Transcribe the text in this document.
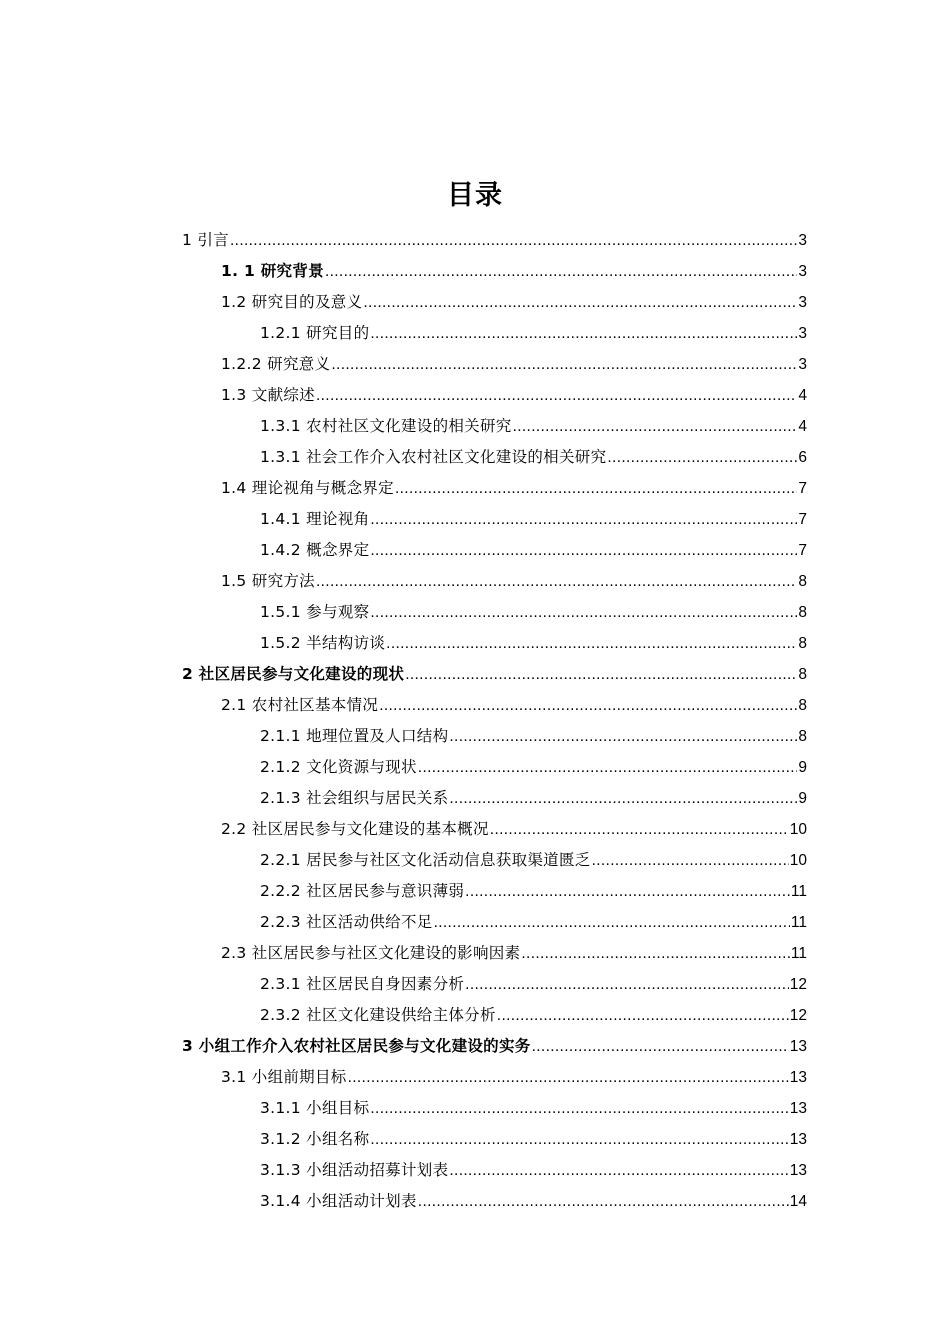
目录
1 引言 .....	3
1. 1 研究背景 .....	3
1.2 研究目的及意义 .....	3
1.2.1 研究目的 .....	3
1.2.2 研究意义 .....	3
1.3 文献综述 .....	4
1.3.1 农村社区文化建设的相关研究 .....	4
1.3.1 社会工作介入农村社区文化建设的相关研究 .....	6
1.4 理论视角与概念界定 .....	7
1.4.1 理论视角 .....	7
1.4.2 概念界定 .....	7
1.5 研究方法 .....	8
1.5.1 参与观察 .....	8
1.5.2 半结构访谈 .....	8
2 社区居民参与文化建设的现状 .....	8
2.1 农村社区基本情况 .....	8
2.1.1 地理位置及人口结构 .....	8
2.1.2 文化资源与现状 .....	9
2.1.3 社会组织与居民关系 .....	9
2.2 社区居民参与文化建设的基本概况 .....	10
2.2.1 居民参与社区文化活动信息获取渠道匮乏 .....	10
2.2.2 社区居民参与意识薄弱 .....	11
2.2.3 社区活动供给不足 .....	11
2.3 社区居民参与社区文化建设的影响因素 .....	11
2.3.1 社区居民自身因素分析 .....	12
2.3.2 社区文化建设供给主体分析 .....	12
3 小组工作介入农村社区居民参与文化建设的实务 .....	13
3.1 小组前期目标 .....	13
3.1.1 小组目标 .....	13
3.1.2 小组名称 .....	13
3.1.3 小组活动招募计划表 .....	13
3.1.4 小组活动计划表 .....	14
